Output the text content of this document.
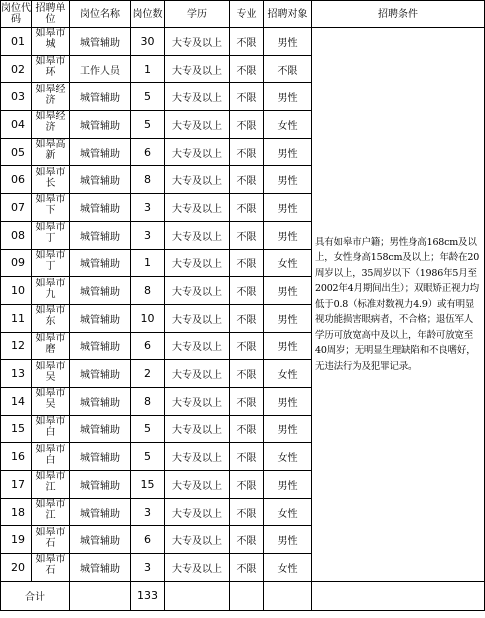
岗位代码	招聘单位	岗位名称	岗位数	学历	专业	招聘对象	招聘条件
01	如皋市城	城管辅助	30	大专及以上	不限	男性	具有如皋市户籍；男性身高168cm及以上，女性身高158cm及以上；年龄在20周岁以上，35周岁以下（1986年5月至2002年4月期间出生）；双眼矫正视力均低于0.8（标准对数视力4.9）或有明显视功能损害眼病者，不合格；退伍军人学历可放宽高中及以上，年龄可放宽至40周岁；无明显生理缺陷和不良嗜好，无违法行为及犯罪记录。
02	如皋市环	工作人员	1	大专及以上	不限	不限	
03	如皋经济	城管辅助	5	大专及以上	不限	男性	
04	如皋经济	城管辅助	5	大专及以上	不限	女性	
05	如皋高新	城管辅助	6	大专及以上	不限	男性	
06	如皋市长	城管辅助	8	大专及以上	不限	男性	
07	如皋市下	城管辅助	3	大专及以上	不限	男性	
08	如皋市丁	城管辅助	3	大专及以上	不限	男性	
09	如皋市丁	城管辅助	1	大专及以上	不限	女性	
10	如皋市九	城管辅助	8	大专及以上	不限	男性	
11	如皋市东	城管辅助	10	大专及以上	不限	男性	
12	如皋市磨	城管辅助	6	大专及以上	不限	男性	
13	如皋市吴	城管辅助	2	大专及以上	不限	女性	
14	如皋市吴	城管辅助	8	大专及以上	不限	男性	
15	如皋市白	城管辅助	5	大专及以上	不限	男性	
16	如皋市白	城管辅助	5	大专及以上	不限	女性	
17	如皋市江	城管辅助	15	大专及以上	不限	男性	
18	如皋市江	城管辅助	3	大专及以上	不限	女性	
19	如皋市石	城管辅助	6	大专及以上	不限	男性	
20	如皋市石	城管辅助	3	大专及以上	不限	女性	
合计			133				
